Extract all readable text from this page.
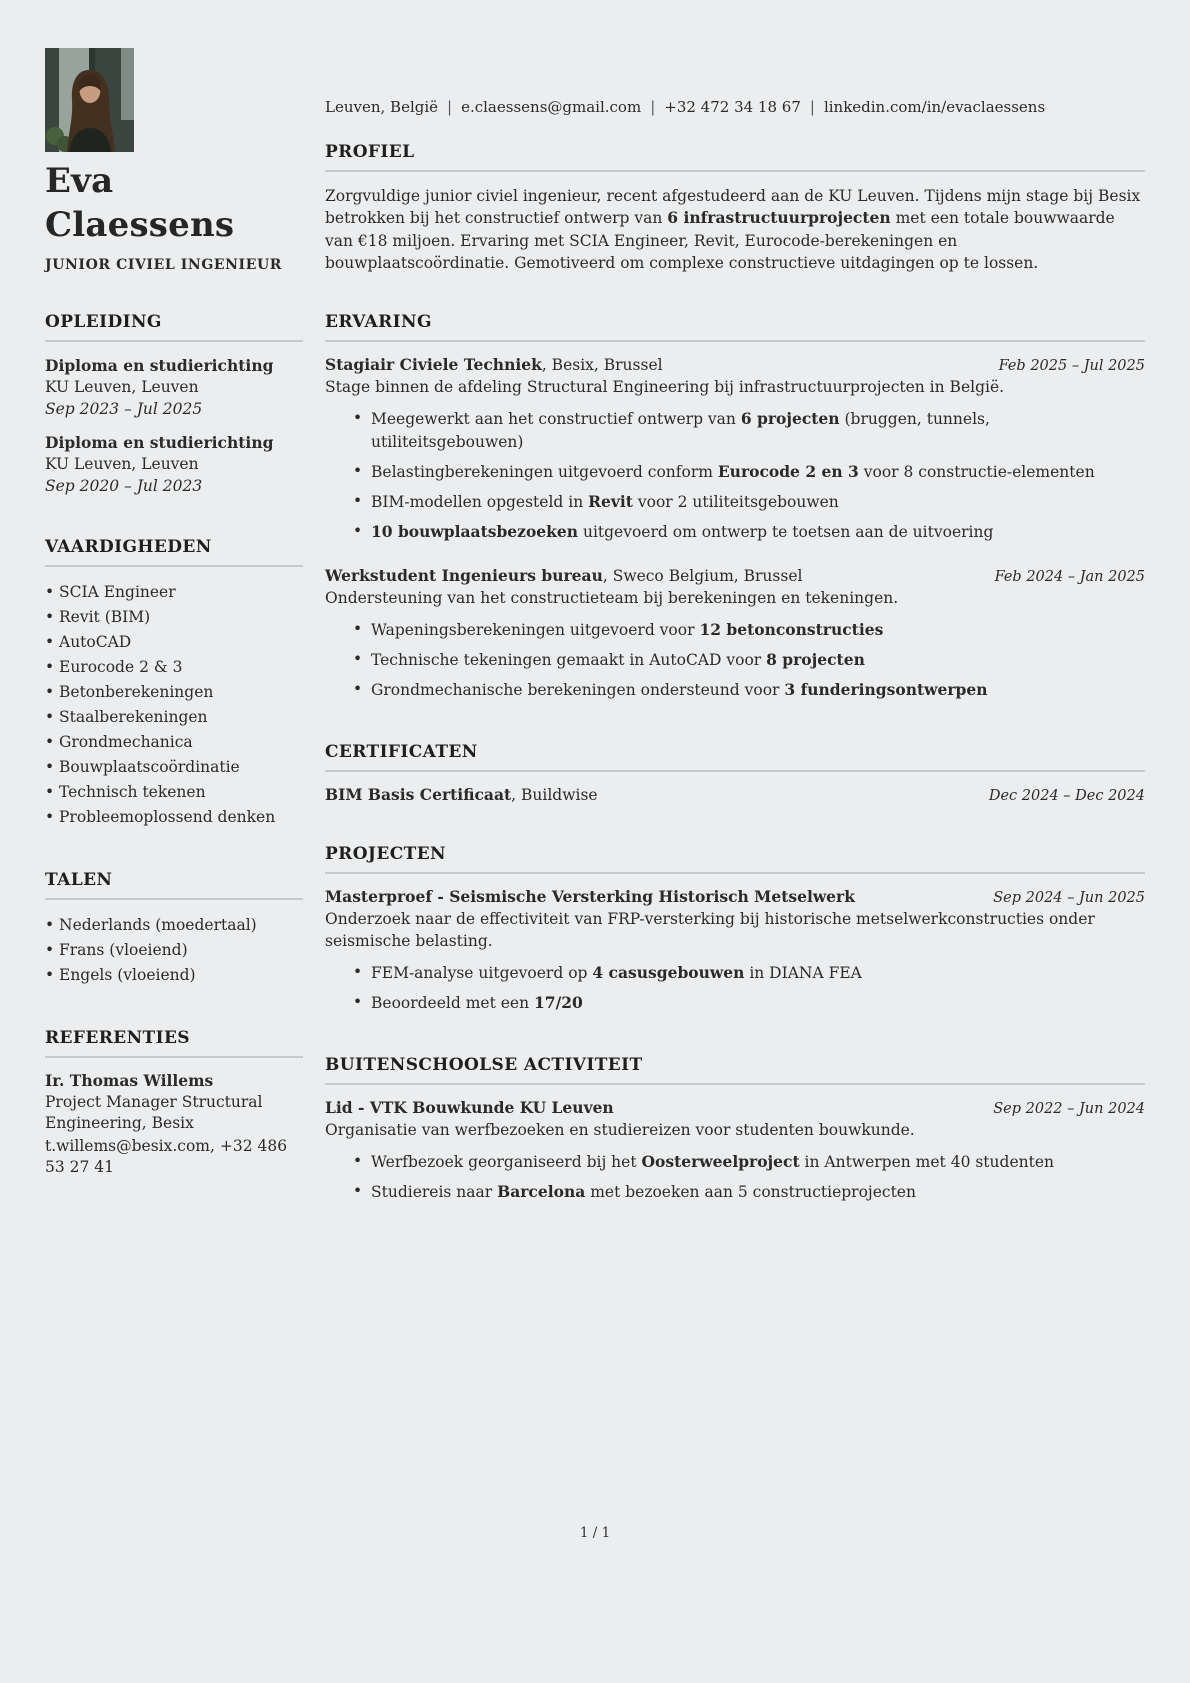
Eva
Claessens
JUNIOR CIVIEL INGENIEUR
Leuven, België | e.claessens@gmail.com | +32 472 34 18 67 | linkedin.com/in/evaclaessens
PROFIEL

Zorgvuldige junior civiel ingenieur, recent afgestudeerd aan de KU Leuven. Tijdens mijn stage bij Besix betrokken bij het constructief ontwerp van 6 infrastructuurprojecten met een totale bouwwaarde van €18 miljoen. Ervaring met SCIA Engineer, Revit, Eurocode-berekeningen en bouwplaatscoördinatie. Gemotiveerd om complexe constructieve uitdagingen op te lossen.

OPLEIDING
Diploma en studierichting
KU Leuven, Leuven
Sep 2023 – Jul 2025
Diploma en studierichting
KU Leuven, Leuven
Sep 2020 – Jul 2023
VAARDIGHEDEN
• SCIA Engineer
• Revit (BIM)
• AutoCAD
• Eurocode 2 & 3
• Betonberekeningen
• Staalberekeningen
• Grondmechanica
• Bouwplaatscoördinatie
• Technisch tekenen
• Probleemoplossend denken
TALEN
• Nederlands (moedertaal)
• Frans (vloeiend)
• Engels (vloeiend)
REFERENTIES
Ir. Thomas Willems
Project Manager Structural Engineering, Besix
t.willems@besix.com, +32 486 53 27 41
ERVARING
Stagiair Civiele Techniek, Besix, Brussel	Feb 2025 – Jul 2025
Stage binnen de afdeling Structural Engineering bij infrastructuurprojecten in België.
• Meegewerkt aan het constructief ontwerp van 6 projecten (bruggen, tunnels, utiliteitsgebouwen)
• Belastingberekeningen uitgevoerd conform Eurocode 2 en 3 voor 8 constructie-elementen
• BIM-modellen opgesteld in Revit voor 2 utiliteitsgebouwen
• 10 bouwplaatsbezoeken uitgevoerd om ontwerp te toetsen aan de uitvoering
Werkstudent Ingenieurs bureau, Sweco Belgium, Brussel	Feb 2024 – Jan 2025
Ondersteuning van het constructieteam bij berekeningen en tekeningen.
• Wapeningsberekeningen uitgevoerd voor 12 betonconstructies
• Technische tekeningen gemaakt in AutoCAD voor 8 projecten
• Grondmechanische berekeningen ondersteund voor 3 funderingsontwerpen
CERTIFICATEN
BIM Basis Certificaat, Buildwise	Dec 2024 – Dec 2024
PROJECTEN
Masterproef - Seismische Versterking Historisch Metselwerk	Sep 2024 – Jun 2025
Onderzoek naar de effectiviteit van FRP-versterking bij historische metselwerkconstructies onder seismische belasting.
• FEM-analyse uitgevoerd op 4 casusgebouwen in DIANA FEA
• Beoordeeld met een 17/20
BUITENSCHOOLSE ACTIVITEIT
Lid - VTK Bouwkunde KU Leuven	Sep 2022 – Jun 2024
Organisatie van werfbezoeken en studiereizen voor studenten bouwkunde.
• Werfbezoek georganiseerd bij het Oosterweelproject in Antwerpen met 40 studenten
• Studiereis naar Barcelona met bezoeken aan 5 constructieprojecten
1 / 1
